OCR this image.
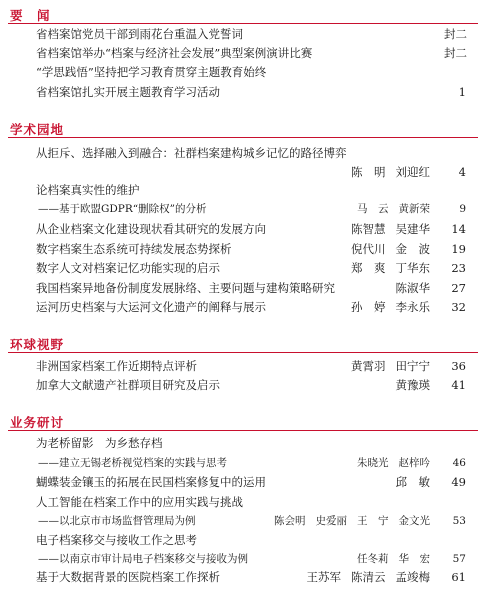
要　闻
省档案馆党员干部到雨花台重温入党誓词	封二
省档案馆举办“档案与经济社会发展”典型案例演讲比赛	封二
“学思践悟”坚持把学习教育贯穿主题教育始终
省档案馆扎实开展主题教育学习活动	1
学术园地
从拒斥、选择融入到融合：社群档案建构城乡记忆的路径博弈
陈　明 刘迎红 4
论档案真实性的维护
——基于欧盟GDPR“删除权”的分析	马　云 黄新荣	9
从企业档案文化建设现状看其研究的发展方向	陈智慧 吴建华 14
数字档案生态系统可持续发展态势探析	倪代川 金　波 19
数字人文对档案记忆功能实现的启示	郑　爽 丁华东 23
我国档案异地备份制度发展脉络、主要问题与建构策略研究	陈淑华 27
运河历史档案与大运河文化遗产的阐释与展示	孙　婷 李永乐 32
环球视野
非洲国家档案工作近期特点评析	黄霄羽 田宁宁 36
加拿大文献遗产社群项目研究及启示	黄豫瑛 41
业务研讨
为老桥留影　为乡愁存档
——建立无锡老桥视觉档案的实践与思考	朱晓光 赵梓吟 46
蝴蝶装金镶玉的拓展在民国档案修复中的运用	邱　敏 49
人工智能在档案工作中的应用实践与挑战
——以北京市市场监督管理局为例	陈会明 史爱丽 王　宁 金文光 53
电子档案移交与接收工作之思考
——以南京市审计局电子档案移交与接收为例	任冬莉 华　宏 57
基于大数据背景的医院档案工作探析	王苏军 陈清云 孟竣梅 61
